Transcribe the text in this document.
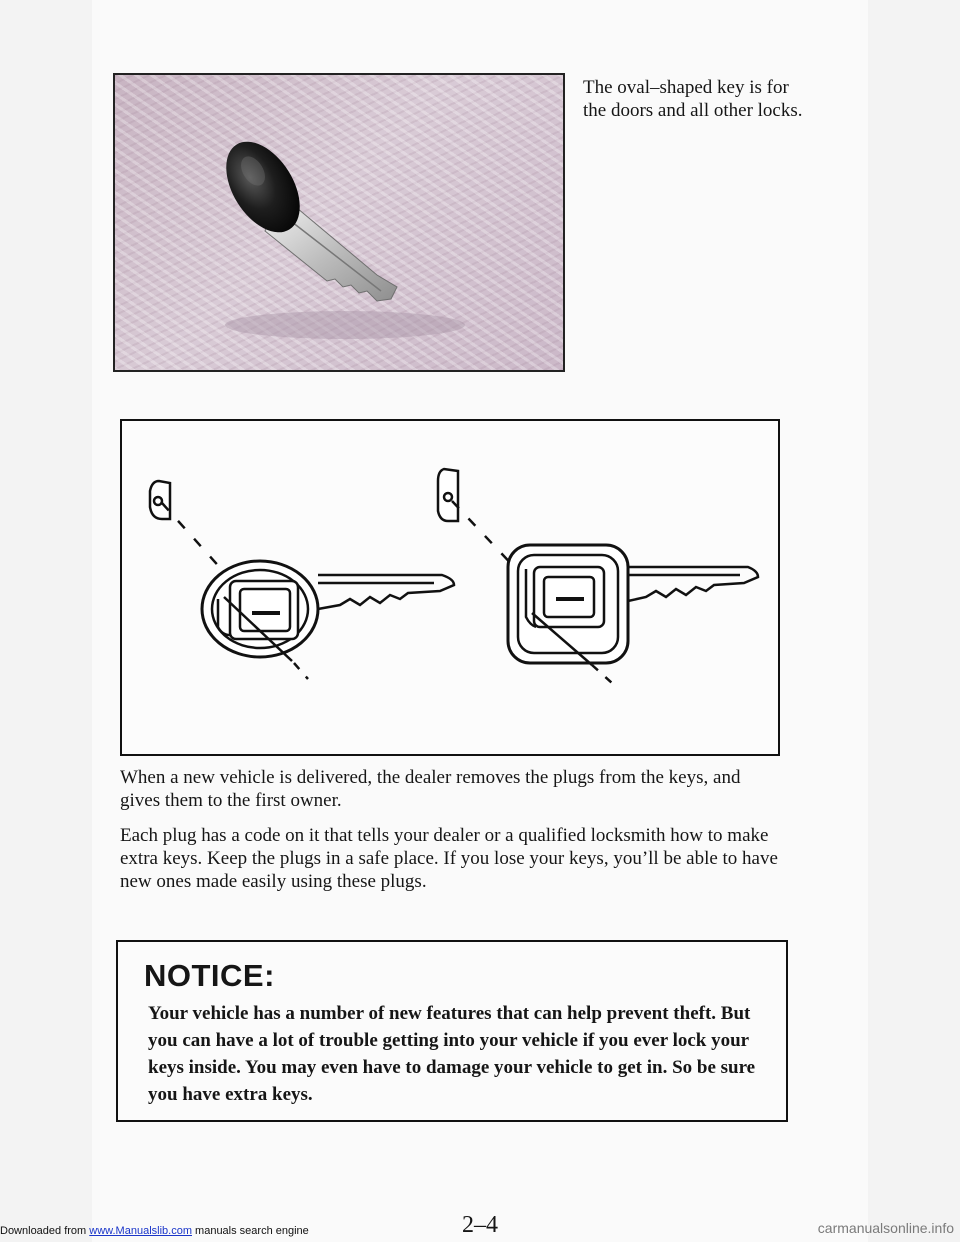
The oval–shaped key is for the doors and all other locks.

When a new vehicle is delivered, the dealer removes the plugs from the keys, and gives them to the first owner.

Each plug has a code on it that tells your dealer or a qualified locksmith how to make extra keys. Keep the plugs in a safe place. If you lose your keys, you’ll be able to have new ones made easily using these plugs.

NOTICE:

Your vehicle has a number of new features that can help prevent theft. But you can have a lot of trouble getting into your vehicle if you ever lock your keys inside. You may even have to damage your vehicle to get in. So be sure you have extra keys.

2–4

Downloaded from www.Manualslib.com manuals search engine	carmanualsonline.info
